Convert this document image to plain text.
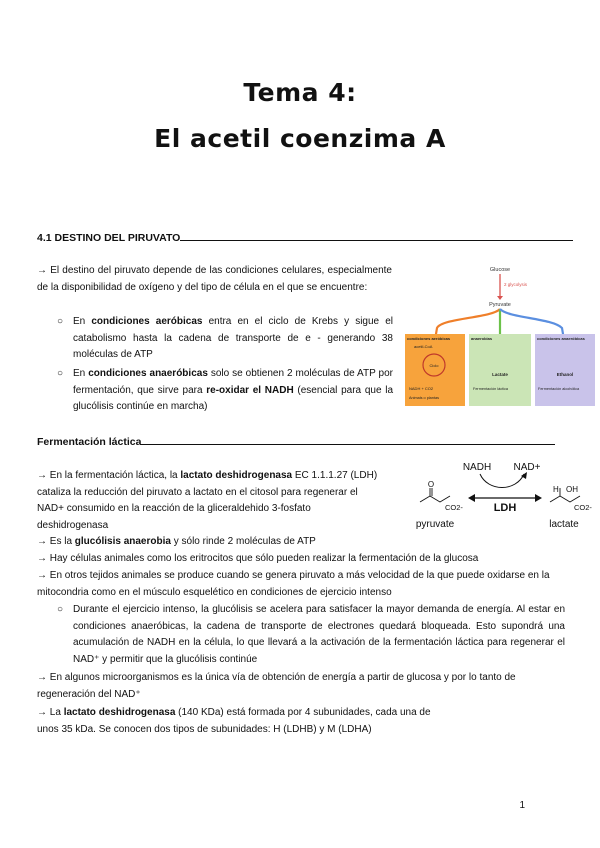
Tema 4:
El acetil coenzima A
4.1 DESTINO DEL PIRUVATO

→ El destino del piruvato depende de las condiciones celulares, especialmente de la disponibilidad de oxígeno y del tipo de célula en el que se encuentre:

○ En condiciones aeróbicas entra en el ciclo de Krebs y sigue el catabolismo hasta la cadena de transporte de e - generando 38 moléculas de ATP

○ En condiciones anaeróbicas solo se obtienen 2 moléculas de ATP por fermentación, que sirve para re-oxidar el NADH (esencial para que la glucólisis continúe en marcha)

Glucose
2 glycolysis
Pyruvate
condiciones aeróbicas
acetil-CoA
Ciclo
NADH + CO2
Animals o plantas
anaerobias
Lactate
Fermentación láctica
condiciones anaeróbicas
Ethanol
Fermentación alcohólica
Fermentación láctica

→ En la fermentación láctica, la lactato deshidrogenasa EC 1.1.1.27 (LDH)
cataliza la reducción del piruvato a lactato en el citosol para regenerar el
NAD+ consumido en la reacción de la gliceraldehido 3-fosfato
deshidrogenasa

NADH NAD+
LDH
O
CO2-
pyruvate
H OH
CO2-
lactate

→ Es la glucólisis anaerobia y sólo rinde 2 moléculas de ATP

→ Hay células animales como los eritrocitos que sólo pueden realizar la fermentación de la glucosa

→ En otros tejidos animales se produce cuando se genera piruvato a más velocidad de la que puede oxidarse en la mitocondria como en el músculo esquelético en condiciones de ejercicio intenso

○ Durante el ejercicio intenso, la glucólisis se acelera para satisfacer la mayor demanda de energía. Al estar en condiciones anaeróbicas, la cadena de transporte de electrones quedará bloqueada. Esto supondrá una acumulación de NADH en la célula, lo que llevará a la activación de la fermentación láctica para regenerar el NAD⁺ y permitir que la glucólisis continúe

→ En algunos microorganismos es la única vía de obtención de energía a partir de glucosa y por lo tanto de regeneración del NAD⁺

→ La lactato deshidrogenasa (140 KDa) está formada por 4 subunidades, cada una de
unos 35 kDa. Se conocen dos tipos de subunidades: H (LDHB) y M (LDHA)

1
